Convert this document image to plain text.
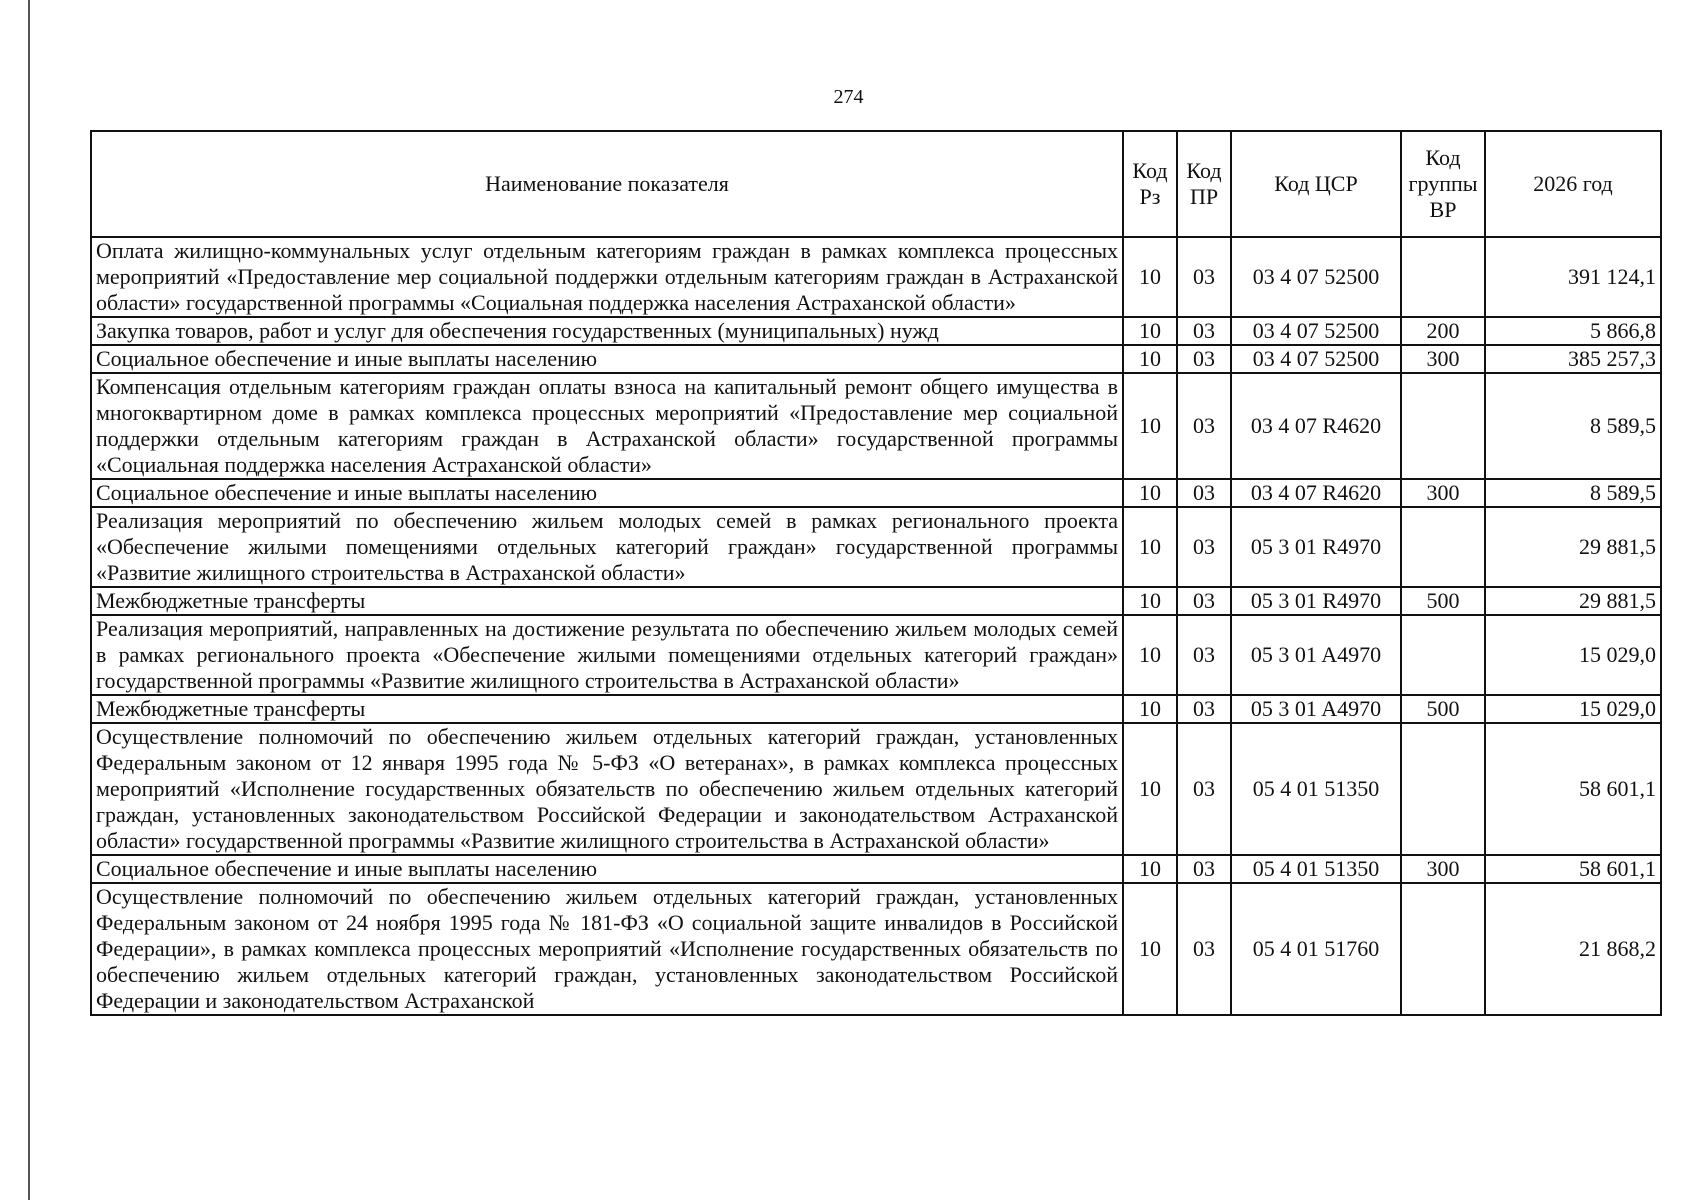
274
Наименование показателя	Код Рз	Код ПР	Код ЦСР	Код группы ВР	2026 год
Оплата жилищно-коммунальных услуг отдельным категориям граждан в рамках комплекса процессных мероприятий «Предоставление мер социальной поддержки отдельным категориям граждан в Астраханской области» государственной программы «Социальная поддержка населения Астраханской области»	10	03	03 4 07 52500		391 124,1
Закупка товаров, работ и услуг для обеспечения государственных (муниципальных) нужд	10	03	03 4 07 52500	200	5 866,8
Социальное обеспечение и иные выплаты населению	10	03	03 4 07 52500	300	385 257,3
Компенсация отдельным категориям граждан оплаты взноса на капитальный ремонт общего имущества в многоквартирном доме в рамках комплекса процессных мероприятий «Предоставление мер социальной поддержки отдельным категориям граждан в Астраханской области» государственной программы «Социальная поддержка населения Астраханской области»	10	03	03 4 07 R4620		8 589,5
Социальное обеспечение и иные выплаты населению	10	03	03 4 07 R4620	300	8 589,5
Реализация мероприятий по обеспечению жильем молодых семей в рамках регионального проекта «Обеспечение жилыми помещениями отдельных категорий граждан» государственной программы «Развитие жилищного строительства в Астраханской области»	10	03	05 3 01 R4970		29 881,5
Межбюджетные трансферты	10	03	05 3 01 R4970	500	29 881,5
Реализация мероприятий, направленных на достижение результата по обеспечению жильем молодых семей в рамках регионального проекта «Обеспечение жилыми помещениями отдельных категорий граждан» государственной программы «Развитие жилищного строительства в Астраханской области»	10	03	05 3 01 A4970		15 029,0
Межбюджетные трансферты	10	03	05 3 01 A4970	500	15 029,0
Осуществление полномочий по обеспечению жильем отдельных категорий граждан, установленных Федеральным законом от 12 января 1995 года № 5-ФЗ «О ветеранах», в рамках комплекса процессных мероприятий «Исполнение государственных обязательств по обеспечению жильем отдельных категорий граждан, установленных законодательством Российской Федерации и законодательством Астраханской области» государственной программы «Развитие жилищного строительства в Астраханской области»	10	03	05 4 01 51350		58 601,1
Социальное обеспечение и иные выплаты населению	10	03	05 4 01 51350	300	58 601,1
Осуществление полномочий по обеспечению жильем отдельных категорий граждан, установленных Федеральным законом от 24 ноября 1995 года № 181-ФЗ «О социальной защите инвалидов в Российской Федерации», в рамках комплекса процессных мероприятий «Исполнение государственных обязательств по обеспечению жильем отдельных категорий граждан, установленных законодательством Российской Федерации и законодательством Астраханской	10	03	05 4 01 51760		21 868,2
